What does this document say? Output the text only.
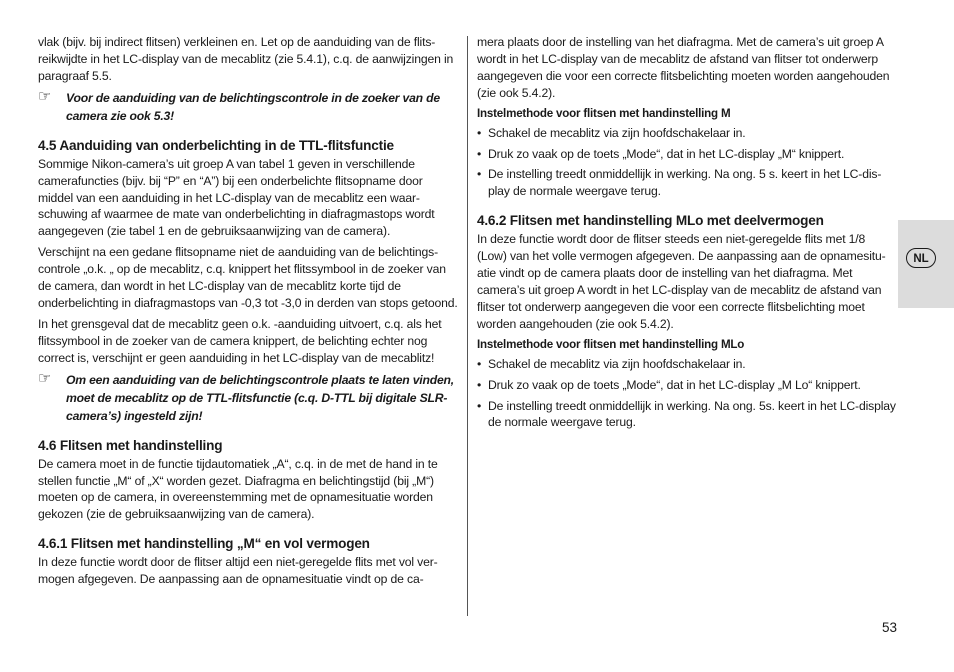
vlak (bijv. bij indirect flitsen) verkleinen en. Let op de aanduiding van de flitsreikwijdte in het LC-display van de mecablitz (zie 5.4.1), c.q. de aanwijzingen in paragraaf 5.5.

☞ Voor de aanduiding van de belichtingscontrole in de zoeker van de camera zie ook 5.3!
4.5 Aanduiding van onderbelichting in de TTL-flitsfunctie

Sommige Nikon-camera’s uit groep A van tabel 1 geven in verschillende camerafuncties (bijv. bij “P” en “A”) bij een onderbelichte flitsopname door middel van een aanduiding in het LC-display van de mecablitz een waarschuwing af waarmee de mate van onderbelichting in diafragmastops wordt aangegeven (zie tabel 1 en de gebruiksaanwijzing van de camera).

Verschijnt na een gedane flitsopname niet de aanduiding van de belichtingscontrole „o.k. „ op de mecablitz, c.q. knippert het flitssymbool in de zoeker van de camera, dan wordt in het LC-display van de mecablitz korte tijd de onderbelichting in diafragmastops van -0,3 tot -3,0 in derden van stops getoond.

In het grensgeval dat de mecablitz geen o.k. -aanduiding uitvoert, c.q. als het flitssymbool in de zoeker van de camera knippert, de belichting echter nog correct is, verschijnt er geen aanduiding in het LC-display van de mecablitz!

☞ Om een aanduiding van de belichtingscontrole plaats te laten vinden, moet de mecablitz op de TTL-flitsfunctie (c.q. D-TTL bij digitale SLR-camera’s) ingesteld zijn!
4.6 Flitsen met handinstelling

De camera moet in de functie tijdautomatiek „A“, c.q. in de met de hand in te stellen functie „M“ of „X“ worden gezet. Diafragma en belichtingstijd (bij „M“) moeten op de camera, in overeenstemming met de opnamesituatie worden gekozen (zie de gebruiksaanwijzing van de camera).

4.6.1 Flitsen met handinstelling „M“ en vol vermogen

In deze functie wordt door de flitser altijd een niet-geregelde flits met vol vermogen afgegeven. De aanpassing aan de opnamesituatie vindt op de ca-

mera plaats door de instelling van het diafragma. Met de camera’s uit groep A wordt in het LC-display van de mecablitz de afstand van flitser tot onderwerp aangegeven die voor een correcte flitsbelichting moeten worden aangehouden (zie ook 5.4.2).

Instelmethode voor flitsen met handinstelling M
• Schakel de mecablitz via zijn hoofdschakelaar in.
• Druk zo vaak op de toets „Mode“, dat in het LC-display „M“ knippert.
• De instelling treedt onmiddellijk in werking. Na ong. 5 s. keert in het LC-display de normale weergave terug.
4.6.2 Flitsen met handinstelling MLo met deelvermogen

In deze functie wordt door de flitser steeds een niet-geregelde flits met 1/8 (Low) van het volle vermogen afgegeven. De aanpassing aan de opnamesituatie vindt op de camera plaats door de instelling van het diafragma. Met camera’s uit groep A wordt in het LC-display van de mecablitz de afstand van flitser tot onderwerp aangegeven die voor een correcte flitsbelichting moet worden aangehouden (zie ook 5.4.2).

Instelmethode voor flitsen met handinstelling MLo
• Schakel de mecablitz via zijn hoofdschakelaar in.
• Druk zo vaak op de toets „Mode“, dat in het LC-display „M Lo“ knippert.
• De instelling treedt onmiddellijk in werking. Na ong. 5s. keert in het LC-display de normale weergave terug.
NL
53
